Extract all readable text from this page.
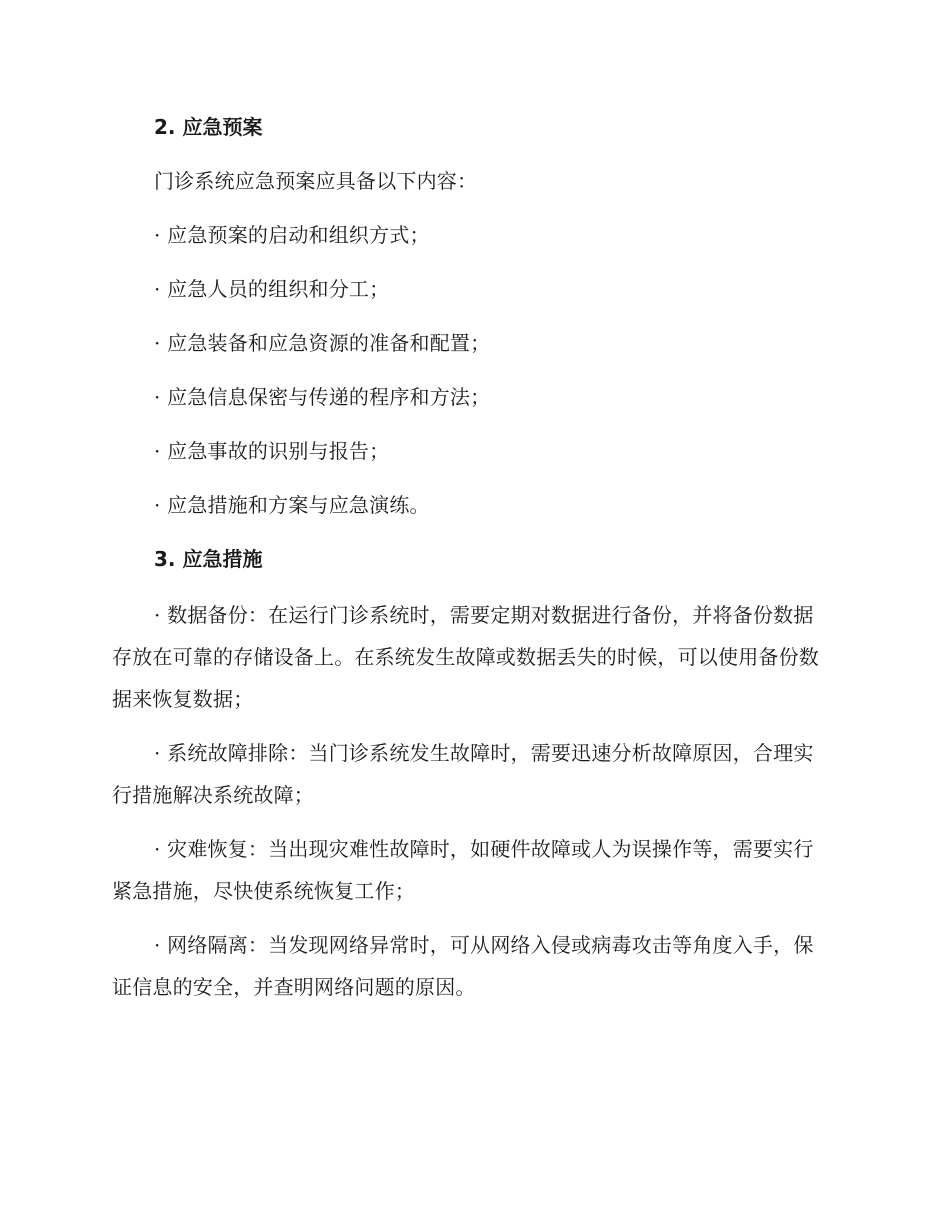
2. 应急预案
门诊系统应急预案应具备以下内容：
· 应急预案的启动和组织方式；
· 应急人员的组织和分工；
· 应急装备和应急资源的准备和配置；
· 应急信息保密与传递的程序和方法；
· 应急事故的识别与报告；
· 应急措施和方案与应急演练。
3. 应急措施
· 数据备份：在运行门诊系统时，需要定期对数据进行备份，并将备份数据存放在可靠的存储设备上。在系统发生故障或数据丢失的时候，可以使用备份数据来恢复数据；
· 系统故障排除：当门诊系统发生故障时，需要迅速分析故障原因，合理实行措施解决系统故障；
· 灾难恢复：当出现灾难性故障时，如硬件故障或人为误操作等，需要实行紧急措施，尽快使系统恢复工作；
· 网络隔离：当发现网络异常时，可从网络入侵或病毒攻击等角度入手，保证信息的安全，并查明网络问题的原因。
